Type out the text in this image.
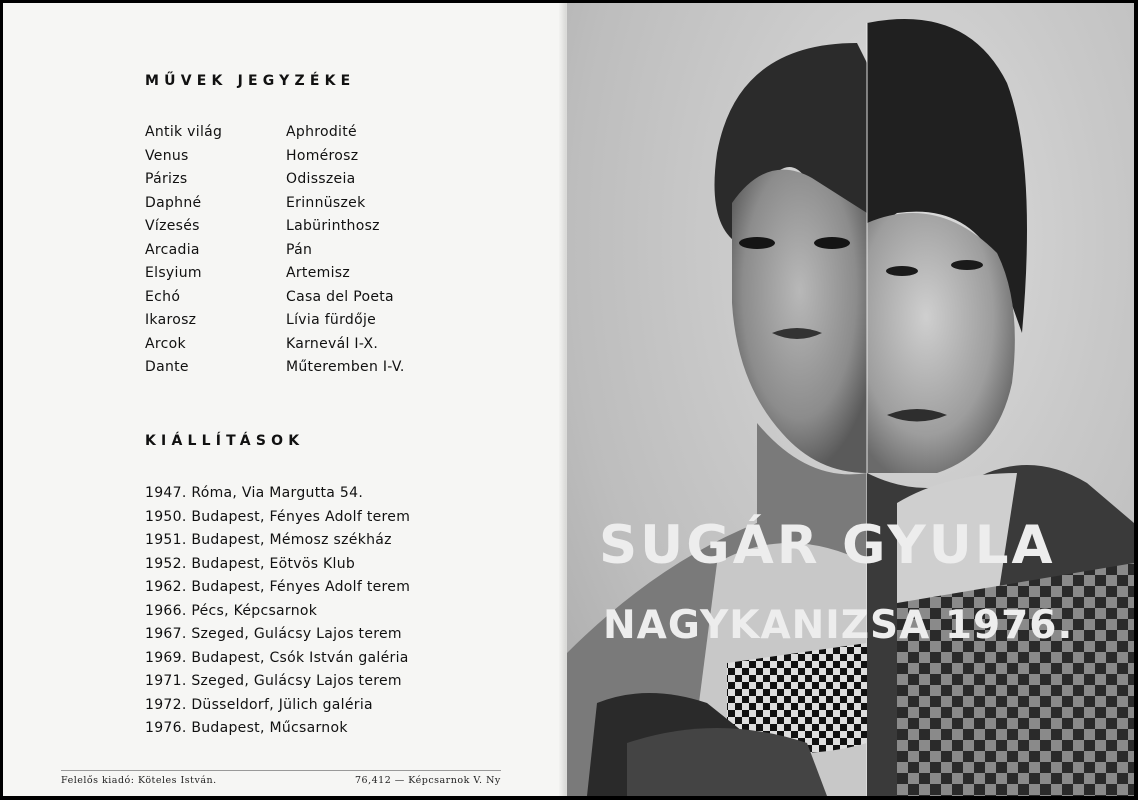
MŰVEK JEGYZÉKE
Antik világ
Venus
Párizs
Daphné
Vízesés
Arcadia
Elsyium
Echó
Ikarosz
Arcok
Dante
Aphrodité
Homérosz
Odisszeia
Erinnüszek
Labürinthosz
Pán
Artemisz
Casa del Poeta
Lívia fürdője
Karnevál I-X.
Műteremben I-V.
KIÁLLÍTÁSOK
1947. Róma, Via Margutta 54.
1950. Budapest, Fényes Adolf terem
1951. Budapest, Mémosz székház
1952. Budapest, Eötvös Klub
1962. Budapest, Fényes Adolf terem
1966. Pécs, Képcsarnok
1967. Szeged, Gulácsy Lajos terem
1969. Budapest, Csók István galéria
1971. Szeged, Gulácsy Lajos terem
1972. Düsseldorf, Jülich galéria
1976. Budapest, Műcsarnok
Felelős kiadó: Köteles István.	76,412 — Képcsarnok V. Ny
SUGÁR GYULA
NAGYKANIZSA 1976.
